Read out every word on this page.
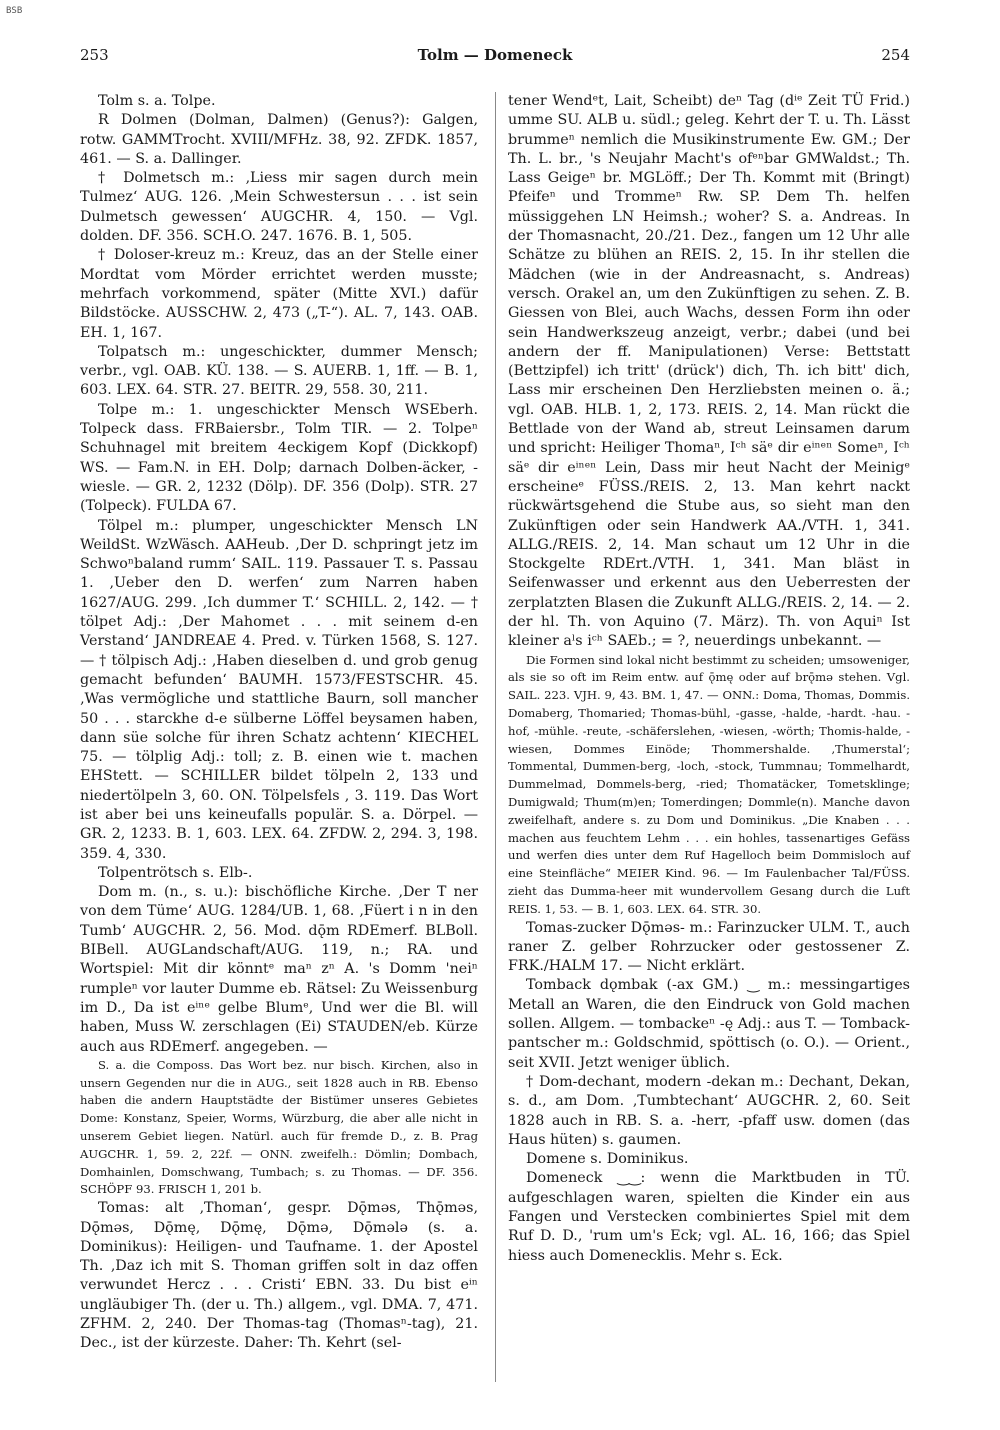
BSB
253	Tolm — Domeneck	254

Tolm s. a. Tolpe.

R Dolmen (Dolman, Dalmen) (Genus?): Galgen, rotw. GAMMTrocht. XVIII/MFHz. 38, 92. ZFDK. 1857, 461. — S. a. Dallinger.

† Dolmetsch m.: ‚Liess mir sagen durch mein Tulmez‘ AUG. 126. ‚Mein Schwestersun . . . ist sein Dulmetsch gewessen‘ AUGCHR. 4, 150. — Vgl. dolden. DF. 356. SCH.O. 247. 1676. B. 1, 505.

† Doloser-kreuz m.: Kreuz, das an der Stelle einer Mordtat vom Mörder errichtet werden musste; mehrfach vorkommend, später (Mitte XVI.) dafür Bildstöcke. AUSSCHW. 2, 473 („T-“). AL. 7, 143. OAB. EH. 1, 167.

Tolpatsch m.: ungeschickter, dummer Mensch; verbr., vgl. OAB. KÜ. 138. — S. AUERB. 1, 1ff. — B. 1, 603. LEX. 64. STR. 27. BEITR. 29, 558. 30, 211.

Tolpe m.: 1. ungeschickter Mensch WSEberh. Tolpeck dass. FRBaiersbr., Tolm TIR. — 2. Tolpeⁿ Schuhnagel mit breitem 4eckigem Kopf (Dickkopf) WS. — Fam.N. in EH. Dolp; darnach Dolben-äcker, -wiesle. — GR. 2, 1232 (Dölp). DF. 356 (Dolp). STR. 27 (Tolpeck). FULDA 67.

Tölpel m.: plumper, ungeschickter Mensch LN WeildSt. WzWäsch. AAHeub. ‚Der D. schpringt jetz im Schwoⁿbaland rumm‘ SAIL. 119. Passauer T. s. Passau 1. ‚Ueber den D. werfen‘ zum Narren haben 1627/AUG. 299. ‚Ich dummer T.‘ SCHILL. 2, 142. — † tölpet Adj.: ‚Der Mahomet . . . mit seinem d-en Verstand‘ JANDREAE 4. Pred. v. Türken 1568, S. 127. — † tölpisch Adj.: ‚Haben dieselben d. und grob genug gemacht befunden‘ BAUMH. 1573/FESTSCHR. 45. ‚Was vermögliche und stattliche Baurn, soll mancher 50 . . . starckhe d-e sülberne Löffel beysamen haben, dann süe solche für ihren Schatz achtenn‘ KIECHEL 75. — tölplig Adj.: toll; z. B. einen wie t. machen EHStett. — SCHILLER bildet tölpeln 2, 133 und niedertölpeln 3, 60. ON. Tölpelsfels , 3. 119. Das Wort ist aber bei uns keineufalls populär. S. a. Dörpel. — GR. 2, 1233. B. 1, 603. LEX. 64. ZFDW. 2, 294. 3, 198. 359. 4, 330.

Tolpentrötsch s. Elb-.

Dom m. (n., s. u.): bischöfliche Kirche. ‚Der T ner von dem Tüme‘ AUG. 1284/UB. 1, 68. ‚Füert i n in den Tumb‘ AUGCHR. 2, 56. Mod. dǭm RDEmerf. BLBoll. BIBell. AUGLandschaft/AUG. 119, n.; RA. und Wortspiel: Mit dir könntᵉ maⁿ zⁿ A. 's Domm 'neiⁿ rumpleⁿ vor lauter Dumme eb. Rätsel: Zu Weissenburg im D., Da ist eⁱⁿᵉ gelbe Blumᵉ, Und wer die Bl. will haben, Muss W. zerschlagen (Ei) STAUDEN/eb. Kürze auch aus RDEmerf. angegeben. —

S. a. die Composs. Das Wort bez. nur bisch. Kirchen, also in unsern Gegenden nur die in AUG., seit 1828 auch in RB. Ebenso haben die andern Hauptstädte der Bistümer unseres Gebietes Dome: Konstanz, Speier, Worms, Würzburg, die aber alle nicht in unserem Gebiet liegen. Natürl. auch für fremde D., z. B. Prag AUGCHR. 1, 59. 2, 22f. — ONN. zweifelh.: Dömlin; Dombach, Domhainlen, Domschwang, Tumbach; s. zu Thomas. — DF. 356. SCHÖPF 93. FRISCH 1, 201 b.

Tomas: alt ‚Thoman‘, gespr. Dǭməs, Thǭməs, Dǭməs, Dǭmę, Dǭmę, Dǭmə, Dǭmələ (s. a. Dominikus): Heiligen- und Taufname. 1. der Apostel Th. ‚Daz ich mit S. Thoman griffen solt in daz offen verwundet Hercz . . . Cristi‘ EBN. 33. Du bist eⁱⁿ ungläubiger Th. (der u. Th.) allgem., vgl. DMA. 7, 471. ZFHM. 2, 240. Der Thomas-tag (Thomasⁿ-tag), 21. Dec., ist der kürzeste. Daher: Th. Kehrt (sel-

tener Wendᵉt, Lait, Scheibt) deⁿ Tag (dⁱᵉ Zeit TÜ Frid.) umme SU. ALB u. südl.; geleg. Kehrt der T. u. Th. Lässt brummeⁿ nemlich die Musikinstrumente Ew. GM.; Der Th. L. br., 's Neujahr Macht's ofᵉⁿbar GMWaldst.; Th. Lass Geigeⁿ br. MGLöff.; Der Th. Kommt mit (Bringt) Pfeifeⁿ und Trommeⁿ Rw. SP. Dem Th. helfen müssiggehen LN Heimsh.; woher? S. a. Andreas. In der Thomasnacht, 20./21. Dez., fangen um 12 Uhr alle Schätze zu blühen an REIS. 2, 15. In ihr stellen die Mädchen (wie in der Andreasnacht, s. Andreas) versch. Orakel an, um den Zukünftigen zu sehen. Z. B. Giessen von Blei, auch Wachs, dessen Form ihn oder sein Handwerkszeug anzeigt, verbr.; dabei (und bei andern der ff. Manipulationen) Verse: Bettstatt (Bettzipfel) ich tritt' (drück') dich, Th. ich bitt' dich, Lass mir erscheinen Den Herzliebsten meinen o. ä.; vgl. OAB. HLB. 1, 2, 173. REIS. 2, 14. Man rückt die Bettlade von der Wand ab, streut Leinsamen darum und spricht: Heiliger Thomaⁿ, Iᶜʰ säᵉ dir eⁱⁿᵉⁿ Someⁿ, Iᶜʰ säᵉ dir eⁱⁿᵉⁿ Lein, Dass mir heut Nacht der Meinigᵉ erscheineᵉ FÜSS./REIS. 2, 13. Man kehrt nackt rückwärtsgehend die Stube aus, so sieht man den Zukünftigen oder sein Handwerk AA./VTH. 1, 341. ALLG./REIS. 2, 14. Man schaut um 12 Uhr in die Stockgelte RDErt./VTH. 1, 341. Man bläst in Seifenwasser und erkennt aus den Ueberresten der zerplatzten Blasen die Zukunft ALLG./REIS. 2, 14. — 2. der hl. Th. von Aquino (7. März). Th. von Aquiⁿ Ist kleiner aˡs iᶜʰ SAEb.; = ?, neuerdings unbekannt. —

Die Formen sind lokal nicht bestimmt zu scheiden; umsoweniger, als sie so oft im Reim entw. auf ǭmę oder auf brǭmə stehen. Vgl. SAIL. 223. VJH. 9, 43. BM. 1, 47. — ONN.: Doma, Thomas, Dommis. Domaberg, Thomaried; Thomas-bühl, -gasse, -halde, -hardt. -hau. -hof, -mühle. -reute, -schäferslehen, -wiesen, -wörth; Thomis-halde, -wiesen, Dommes Einöde; Thommershalde. ‚Thumerstal‘; Tommental, Dummen-berg, -loch, -stock, Tummnau; Tommelhardt, Dummelmad, Dommels-berg, -ried; Thomatäcker, Tometsklinge; Dumigwald; Thum(m)en; Tomerdingen; Dommle(n). Manche davon zweifelhaft, andere s. zu Dom und Dominikus. „Die Knaben . . . machen aus feuchtem Lehm . . . ein hohles, tassenartiges Gefäss und werfen dies unter dem Ruf Hagelloch beim Dommisloch auf eine Steinfläche“ MEIER Kind. 96. — Im Faulenbacher Tal/FÜSS. zieht das Dumma-heer mit wundervollem Gesang durch die Luft REIS. 1, 53. — B. 1, 603. LEX. 64. STR. 30.

Tomas-zucker Dǭməs- m.: Farinzucker ULM. T., auch raner Z. gelber Rohrzucker oder gestossener Z. FRK./HALM 17. — Nicht erklärt.

Tomback dǫmbak (-ax GM.) ‿ m.: messingartiges Metall an Waren, die den Eindruck von Gold machen sollen. Allgem. — tombackeⁿ -ę Adj.: aus T. — Tomback-pantscher m.: Goldschmid, spöttisch (o. O.). — Orient., seit XVII. Jetzt weniger üblich.

† Dom-dechant, modern -dekan m.: Dechant, Dekan, s. d., am Dom. ‚Tumbtechant‘ AUGCHR. 2, 60. Seit 1828 auch in RB. S. a. -herr, -pfaff usw. domen (das Haus hüten) s. gaumen.

Domene s. Dominikus.

Domeneck ‿‿: wenn die Marktbuden in TÜ. aufgeschlagen waren, spielten die Kinder ein aus Fangen und Verstecken combiniertes Spiel mit dem Ruf D. D., 'rum um's Eck; vgl. AL. 16, 166; das Spiel hiess auch Domenecklis. Mehr s. Eck.
